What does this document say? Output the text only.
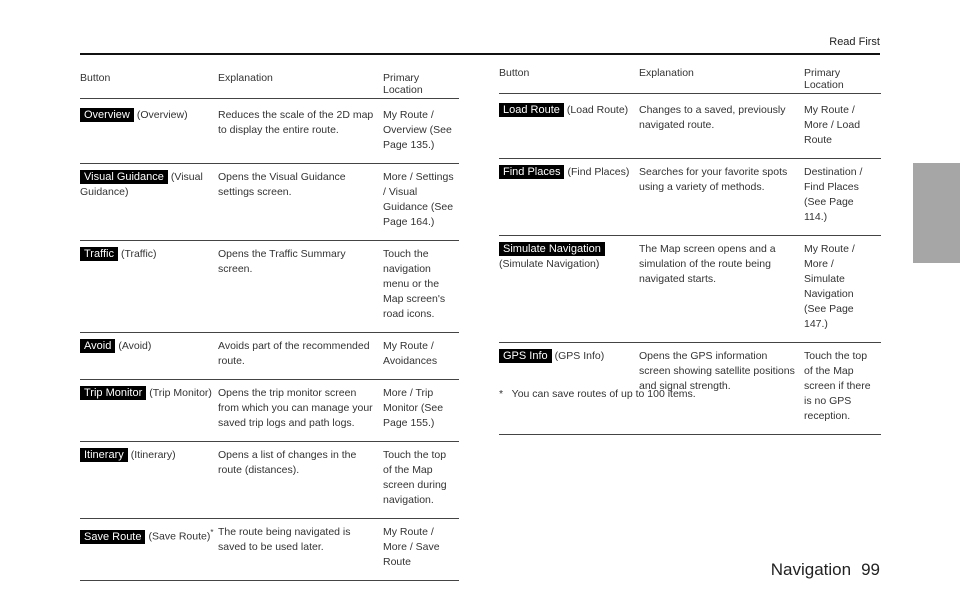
Read First
Button	Explanation	Primary
Location
Overview (Overview)	Reduces the scale of the 2D map to display the entire route.	My Route / Overview (See Page 135.)
Visual Guidance (Visual Guidance)	Opens the Visual Guidance settings screen.	More / Settings / Visual Guidance (See Page 164.)
Traffic (Traffic)	Opens the Traffic Summary screen.	Touch the navigation menu or the Map screen's road icons.
Avoid (Avoid)	Avoids part of the recommended route.	My Route / Avoidances
Trip Monitor (Trip Monitor)	Opens the trip monitor screen from which you can manage your saved trip logs and path logs.	More / Trip Monitor (See Page 155.)
Itinerary (Itinerary)	Opens a list of changes in the route (distances).	Touch the top of the Map screen during navigation.
Save Route (Save Route)*	The route being navigated is saved to be used later.	My Route / More / Save Route
Button	Explanation	Primary
Location
Load Route (Load Route)	Changes to a saved, previously navigated route.	My Route / More / Load Route
Find Places (Find Places)	Searches for your favorite spots using a variety of methods.	Destination / Find Places (See Page 114.)
Simulate Navigation(Simulate Navigation)	The Map screen opens and a simulation of the route being navigated starts.	My Route / More / Simulate Navigation (See Page 147.)
GPS Info (GPS Info)	Opens the GPS information screen showing satellite positions and signal strength.	Touch the top of the Map screen if there is no GPS reception.
*   You can save routes of up to 100 items.
Navigation 99
